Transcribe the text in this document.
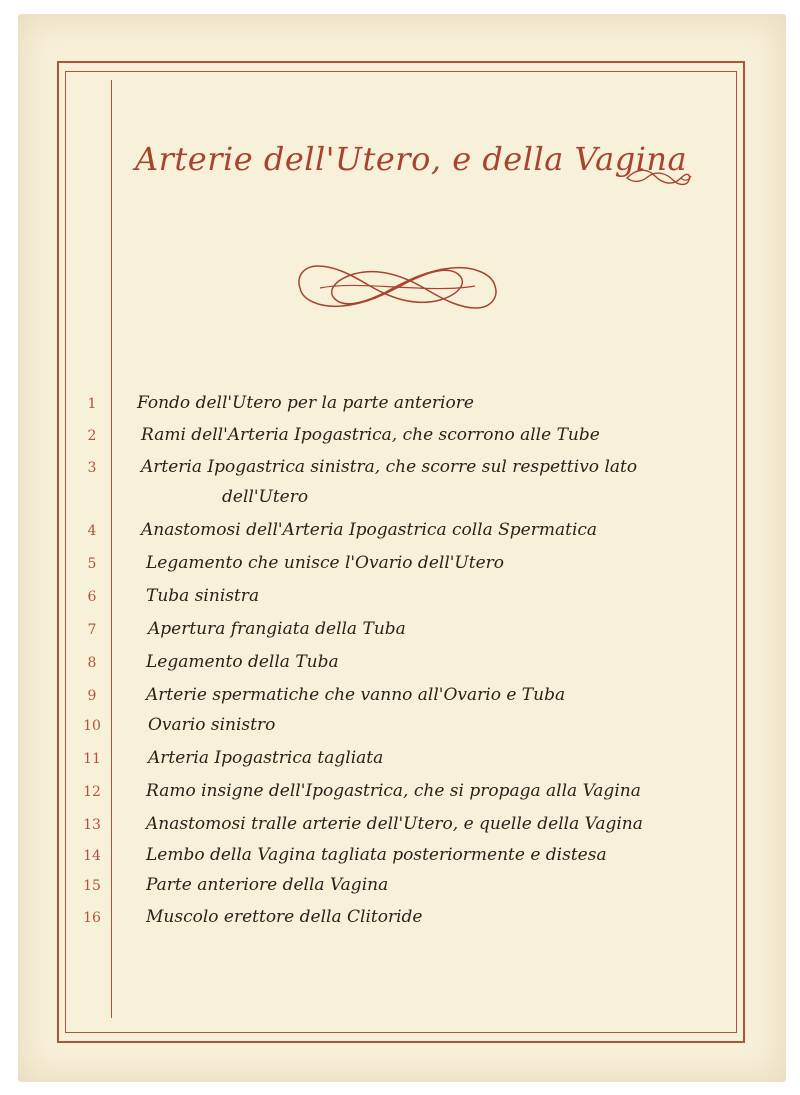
Arterie dell'Utero, e della Vagina
1	Fondo dell'Utero per la parte anteriore
2	Rami dell'Arteria Ipogastrica, che scorrono alle Tube
3	Arteria Ipogastrica sinistra, che scorre sul respettivo lato
dell'Utero
4	Anastomosi dell'Arteria Ipogastrica colla Spermatica
5	Legamento che unisce l'Ovario dell'Utero
6	Tuba sinistra
7	Apertura frangiata della Tuba
8	Legamento della Tuba
9	Arterie spermatiche che vanno all'Ovario e Tuba
10	Ovario sinistro
11	Arteria Ipogastrica tagliata
12	Ramo insigne dell'Ipogastrica, che si propaga alla Vagina
13	Anastomosi tralle arterie dell'Utero, e quelle della Vagina
14	Lembo della Vagina tagliata posteriormente e distesa
15	Parte anteriore della Vagina
16	Muscolo erettore della Clitoride
